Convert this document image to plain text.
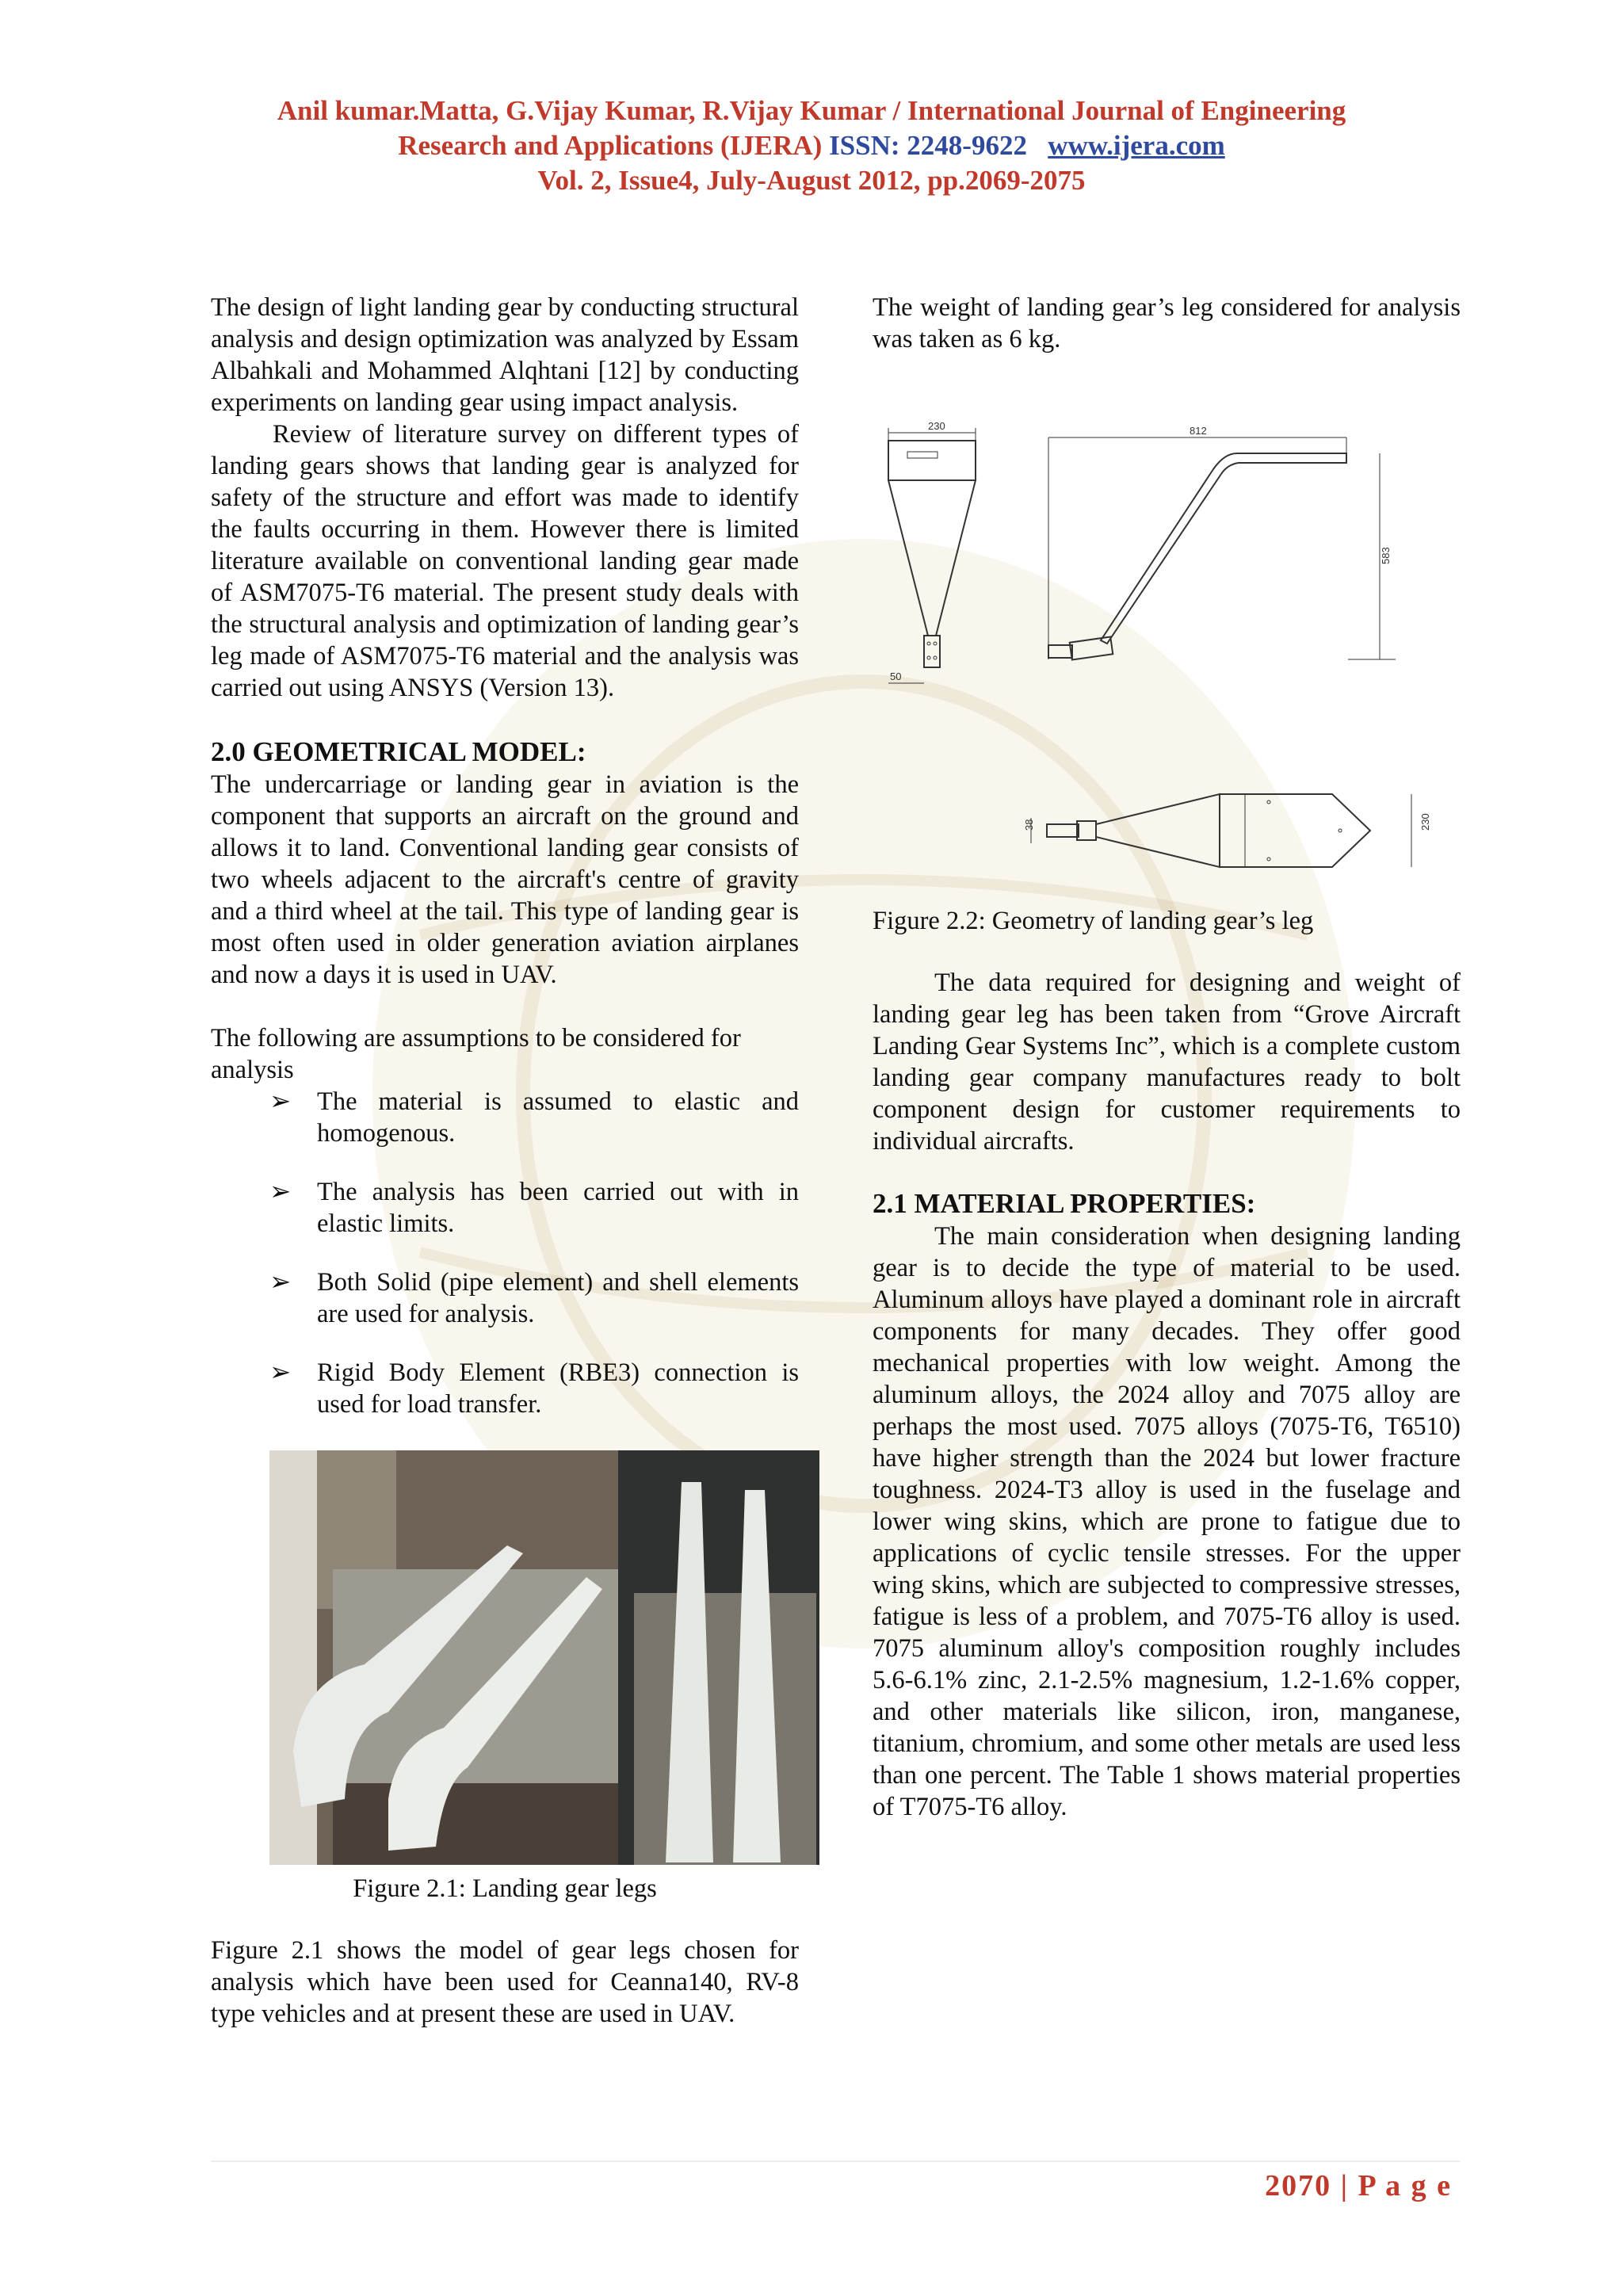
Anil kumar.Matta, G.Vijay Kumar, R.Vijay Kumar / International Journal of Engineering
Research and Applications (IJERA) ISSN: 2248-9622 www.ijera.com
Vol. 2, Issue4, July-August 2012, pp.2069-2075

The design of light landing gear by conducting structural analysis and design optimization was analyzed by Essam Albahkali and Mohammed Alqhtani [12] by conducting experiments on landing gear using impact analysis.

Review of literature survey on different types of landing gears shows that landing gear is analyzed for safety of the structure and effort was made to identify the faults occurring in them. However there is limited literature available on conventional landing gear made of ASM7075-T6 material. The present study deals with the structural analysis and optimization of landing gear’s leg made of ASM7075-T6 material and the analysis was carried out using ANSYS (Version 13).

2.0 GEOMETRICAL MODEL:

The undercarriage or landing gear in aviation is the component that supports an aircraft on the ground and allows it to land. Conventional landing gear consists of two wheels adjacent to the aircraft's centre of gravity and a third wheel at the tail. This type of landing gear is most often used in older generation aviation airplanes and now a days it is used in UAV.

The following are assumptions to be considered for analysis

➢ The material is assumed to elastic and homogenous.
➢ The analysis has been carried out with in elastic limits.
➢ Both Solid (pipe element) and shell elements are used for analysis.
➢ Rigid Body Element (RBE3) connection is used for load transfer.

Figure 2.1: Landing gear legs

Figure 2.1 shows the model of gear legs chosen for analysis which have been used for Ceanna140, RV-8 type vehicles and at present these are used in UAV.

The weight of landing gear’s leg considered for analysis was taken as 6 kg.

230
50
812
583
38	230

Figure 2.2: Geometry of landing gear’s leg

The data required for designing and weight of landing gear leg has been taken from “Grove Aircraft Landing Gear Systems Inc”, which is a complete custom landing gear company manufactures ready to bolt component design for customer requirements to individual aircrafts.

2.1 MATERIAL PROPERTIES:

The main consideration when designing landing gear is to decide the type of material to be used. Aluminum alloys have played a dominant role in aircraft components for many decades. They offer good mechanical properties with low weight. Among the aluminum alloys, the 2024 alloy and 7075 alloy are perhaps the most used. 7075 alloys (7075-T6, T6510) have higher strength than the 2024 but lower fracture toughness. 2024-T3 alloy is used in the fuselage and lower wing skins, which are prone to fatigue due to applications of cyclic tensile stresses. For the upper wing skins, which are subjected to compressive stresses, fatigue is less of a problem, and 7075-T6 alloy is used. 7075 aluminum alloy's composition roughly includes 5.6-6.1% zinc, 2.1-2.5% magnesium, 1.2-1.6% copper, and other materials like silicon, iron, manganese, titanium, chromium, and some other metals are used less than one percent. The Table 1 shows material properties of T7075-T6 alloy.

2070 | P a g e
